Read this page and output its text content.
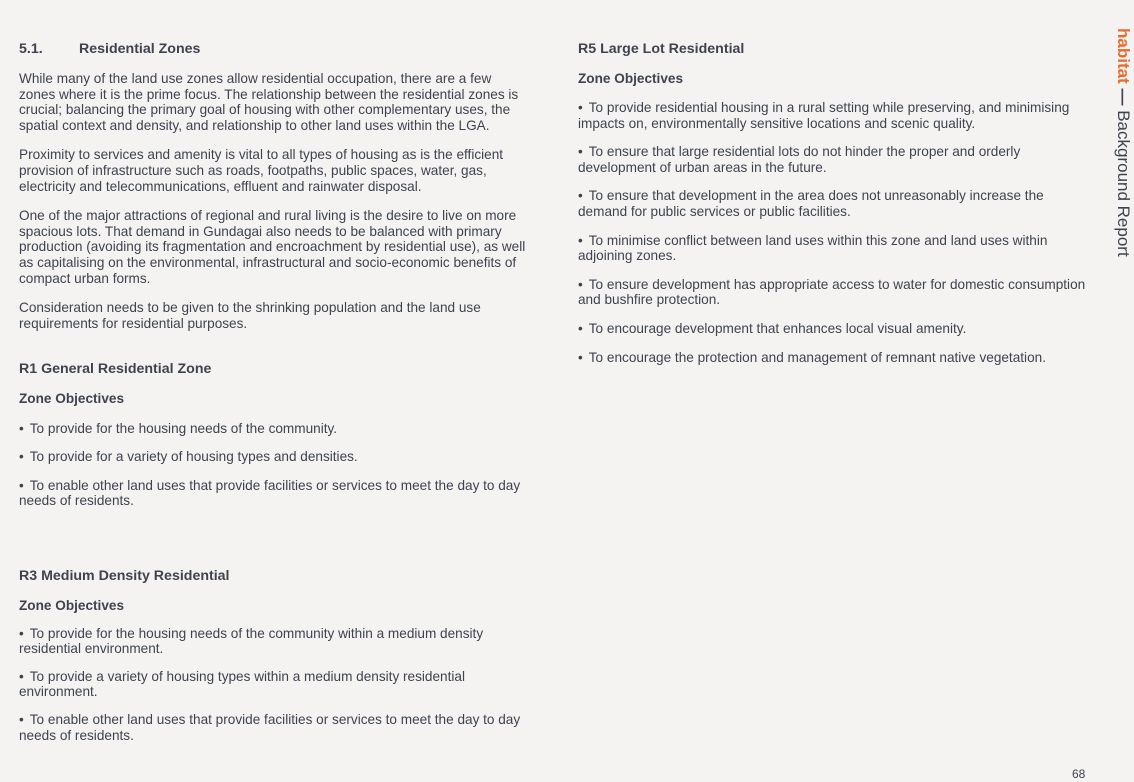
5.1.	Residential Zones

While many of the land use zones allow residential occupation, there are a few zones where it is the prime focus. The relationship between the residential zones is crucial; balancing the primary goal of housing with other complementary uses, the spatial context and density, and relationship to other land uses within the LGA.

Proximity to services and amenity is vital to all types of housing as is the efficient provision of infrastructure such as roads, footpaths, public spaces, water, gas, electricity and telecommunications, effluent and rainwater disposal.

One of the major attractions of regional and rural living is the desire to live on more spacious lots. That demand in Gundagai also needs to be balanced with primary production (avoiding its fragmentation and encroachment by residential use), as well as capitalising on the environmental, infrastructural and socio-economic benefits of compact urban forms.

Consideration needs to be given to the shrinking population and the land use requirements for residential purposes.

R1 General Residential Zone
Zone Objectives
• To provide for the housing needs of the community.
• To provide for a variety of housing types and densities.
• To enable other land uses that provide facilities or services to meet the day to day needs of residents.
R3 Medium Density Residential
Zone Objectives
• To provide for the housing needs of the community within a medium density residential environment.
• To provide a variety of housing types within a medium density residential environment.
• To enable other land uses that provide facilities or services to meet the day to day needs of residents.
R5 Large Lot Residential
Zone Objectives
• To provide residential housing in a rural setting while preserving, and minimising impacts on, environmentally sensitive locations and scenic quality.
• To ensure that large residential lots do not hinder the proper and orderly development of urban areas in the future.
• To ensure that development in the area does not unreasonably increase the demand for public services or public facilities.
• To minimise conflict between land uses within this zone and land uses within adjoining zones.
• To ensure development has appropriate access to water for domestic consumption and bushfire protection.
• To encourage development that enhances local visual amenity.
• To encourage the protection and management of remnant native vegetation.
habitat — Background Report
68
